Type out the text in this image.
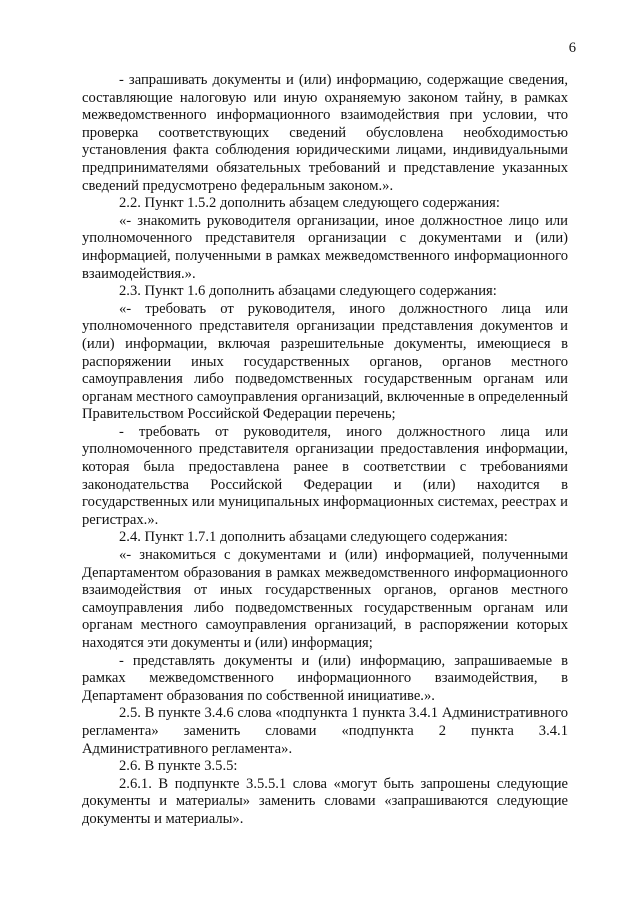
6

- запрашивать документы и (или) информацию, содержащие сведения, составляющие налоговую или иную охраняемую законом тайну, в рамках межведомственного информационного взаимодействия при условии, что проверка соответствующих сведений обусловлена необходимостью установления факта соблюдения юридическими лицами, индивидуальными предпринимателями обязательных требований и представление указанных сведений предусмотрено федеральным законом.».

2.2. Пункт 1.5.2 дополнить абзацем следующего содержания:

«- знакомить руководителя организации, иное должностное лицо или уполномоченного представителя организации с документами и (или) информацией, полученными в рамках межведомственного информационного взаимодействия.».

2.3. Пункт 1.6 дополнить абзацами следующего содержания:

«- требовать от руководителя, иного должностного лица или уполномоченного представителя организации представления документов и (или) информации, включая разрешительные документы, имеющиеся в распоряжении иных государственных органов, органов местного самоуправления либо подведомственных государственным органам или органам местного самоуправления организаций, включенные в определенный Правительством Российской Федерации перечень;

- требовать от руководителя, иного должностного лица или уполномоченного представителя организации предоставления информации, которая была предоставлена ранее в соответствии с требованиями законодательства Российской Федерации и (или) находится в государственных или муниципальных информационных системах, реестрах и регистрах.».

2.4. Пункт 1.7.1 дополнить абзацами следующего содержания:

«- знакомиться с документами и (или) информацией, полученными Департаментом образования в рамках межведомственного информационного взаимодействия от иных государственных органов, органов местного самоуправления либо подведомственных государственным органам или органам местного самоуправления организаций, в распоряжении которых находятся эти документы и (или) информация;

- представлять документы и (или) информацию, запрашиваемые в рамках межведомственного информационного взаимодействия, в Департамент образования по собственной инициативе.».

2.5. В пункте 3.4.6 слова «подпункта 1 пункта 3.4.1 Административного регламента» заменить словами «подпункта 2 пункта 3.4.1 Административного регламента».

2.6. В пункте 3.5.5:

2.6.1. В подпункте 3.5.5.1 слова «могут быть запрошены следующие документы и материалы» заменить словами «запрашиваются следующие документы и материалы».
